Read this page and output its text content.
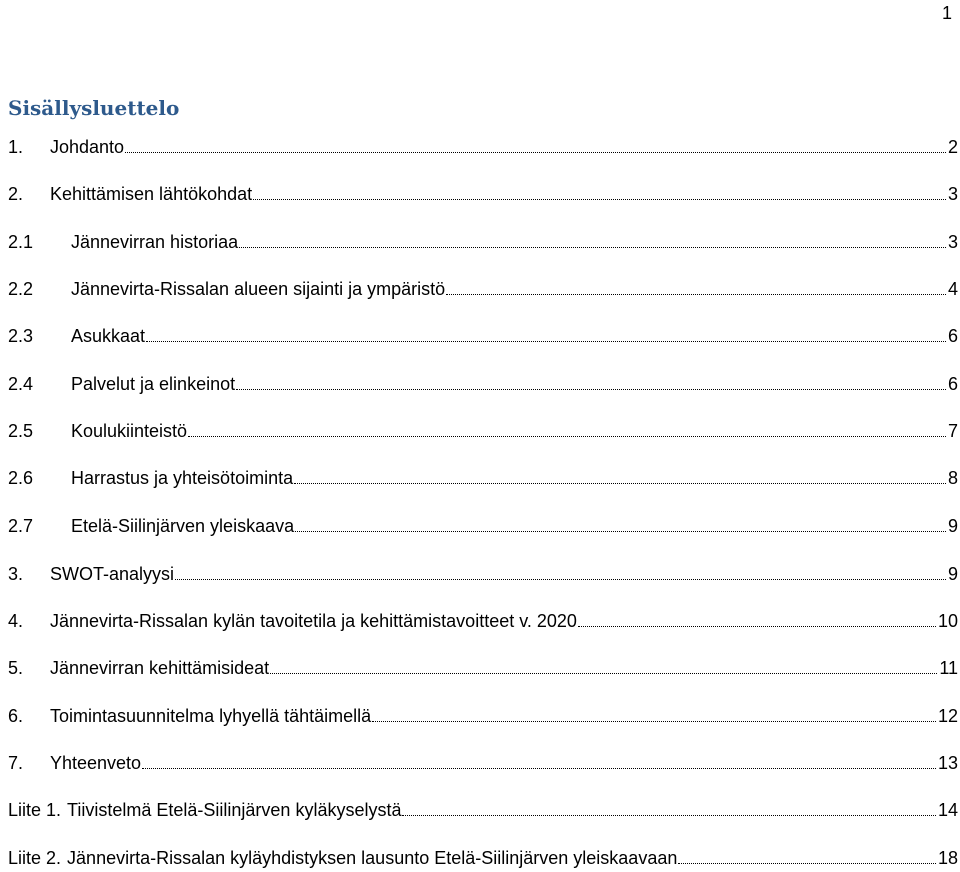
1
Sisällysluettelo
1.	Johdanto	2
2.	Kehittämisen lähtökohdat	3
2.1	Jännevirran historiaa	3
2.2	Jännevirta-Rissalan alueen sijainti ja ympäristö	4
2.3	Asukkaat	6
2.4	Palvelut ja elinkeinot	6
2.5	Koulukiinteistö	7
2.6	Harrastus ja yhteisötoiminta	8
2.7	Etelä-Siilinjärven yleiskaava	9
3.	SWOT-analyysi	9
4.	Jännevirta-Rissalan kylän tavoitetila ja kehittämistavoitteet v. 2020	10
5.	Jännevirran kehittämisideat	11
6.	Toimintasuunnitelma lyhyellä tähtäimellä	12
7.	Yhteenveto	13
Liite 1. Tiivistelmä Etelä-Siilinjärven kyläkyselystä	14
Liite 2. Jännevirta-Rissalan kyläyhdistyksen lausunto Etelä-Siilinjärven yleiskaavaan	18
